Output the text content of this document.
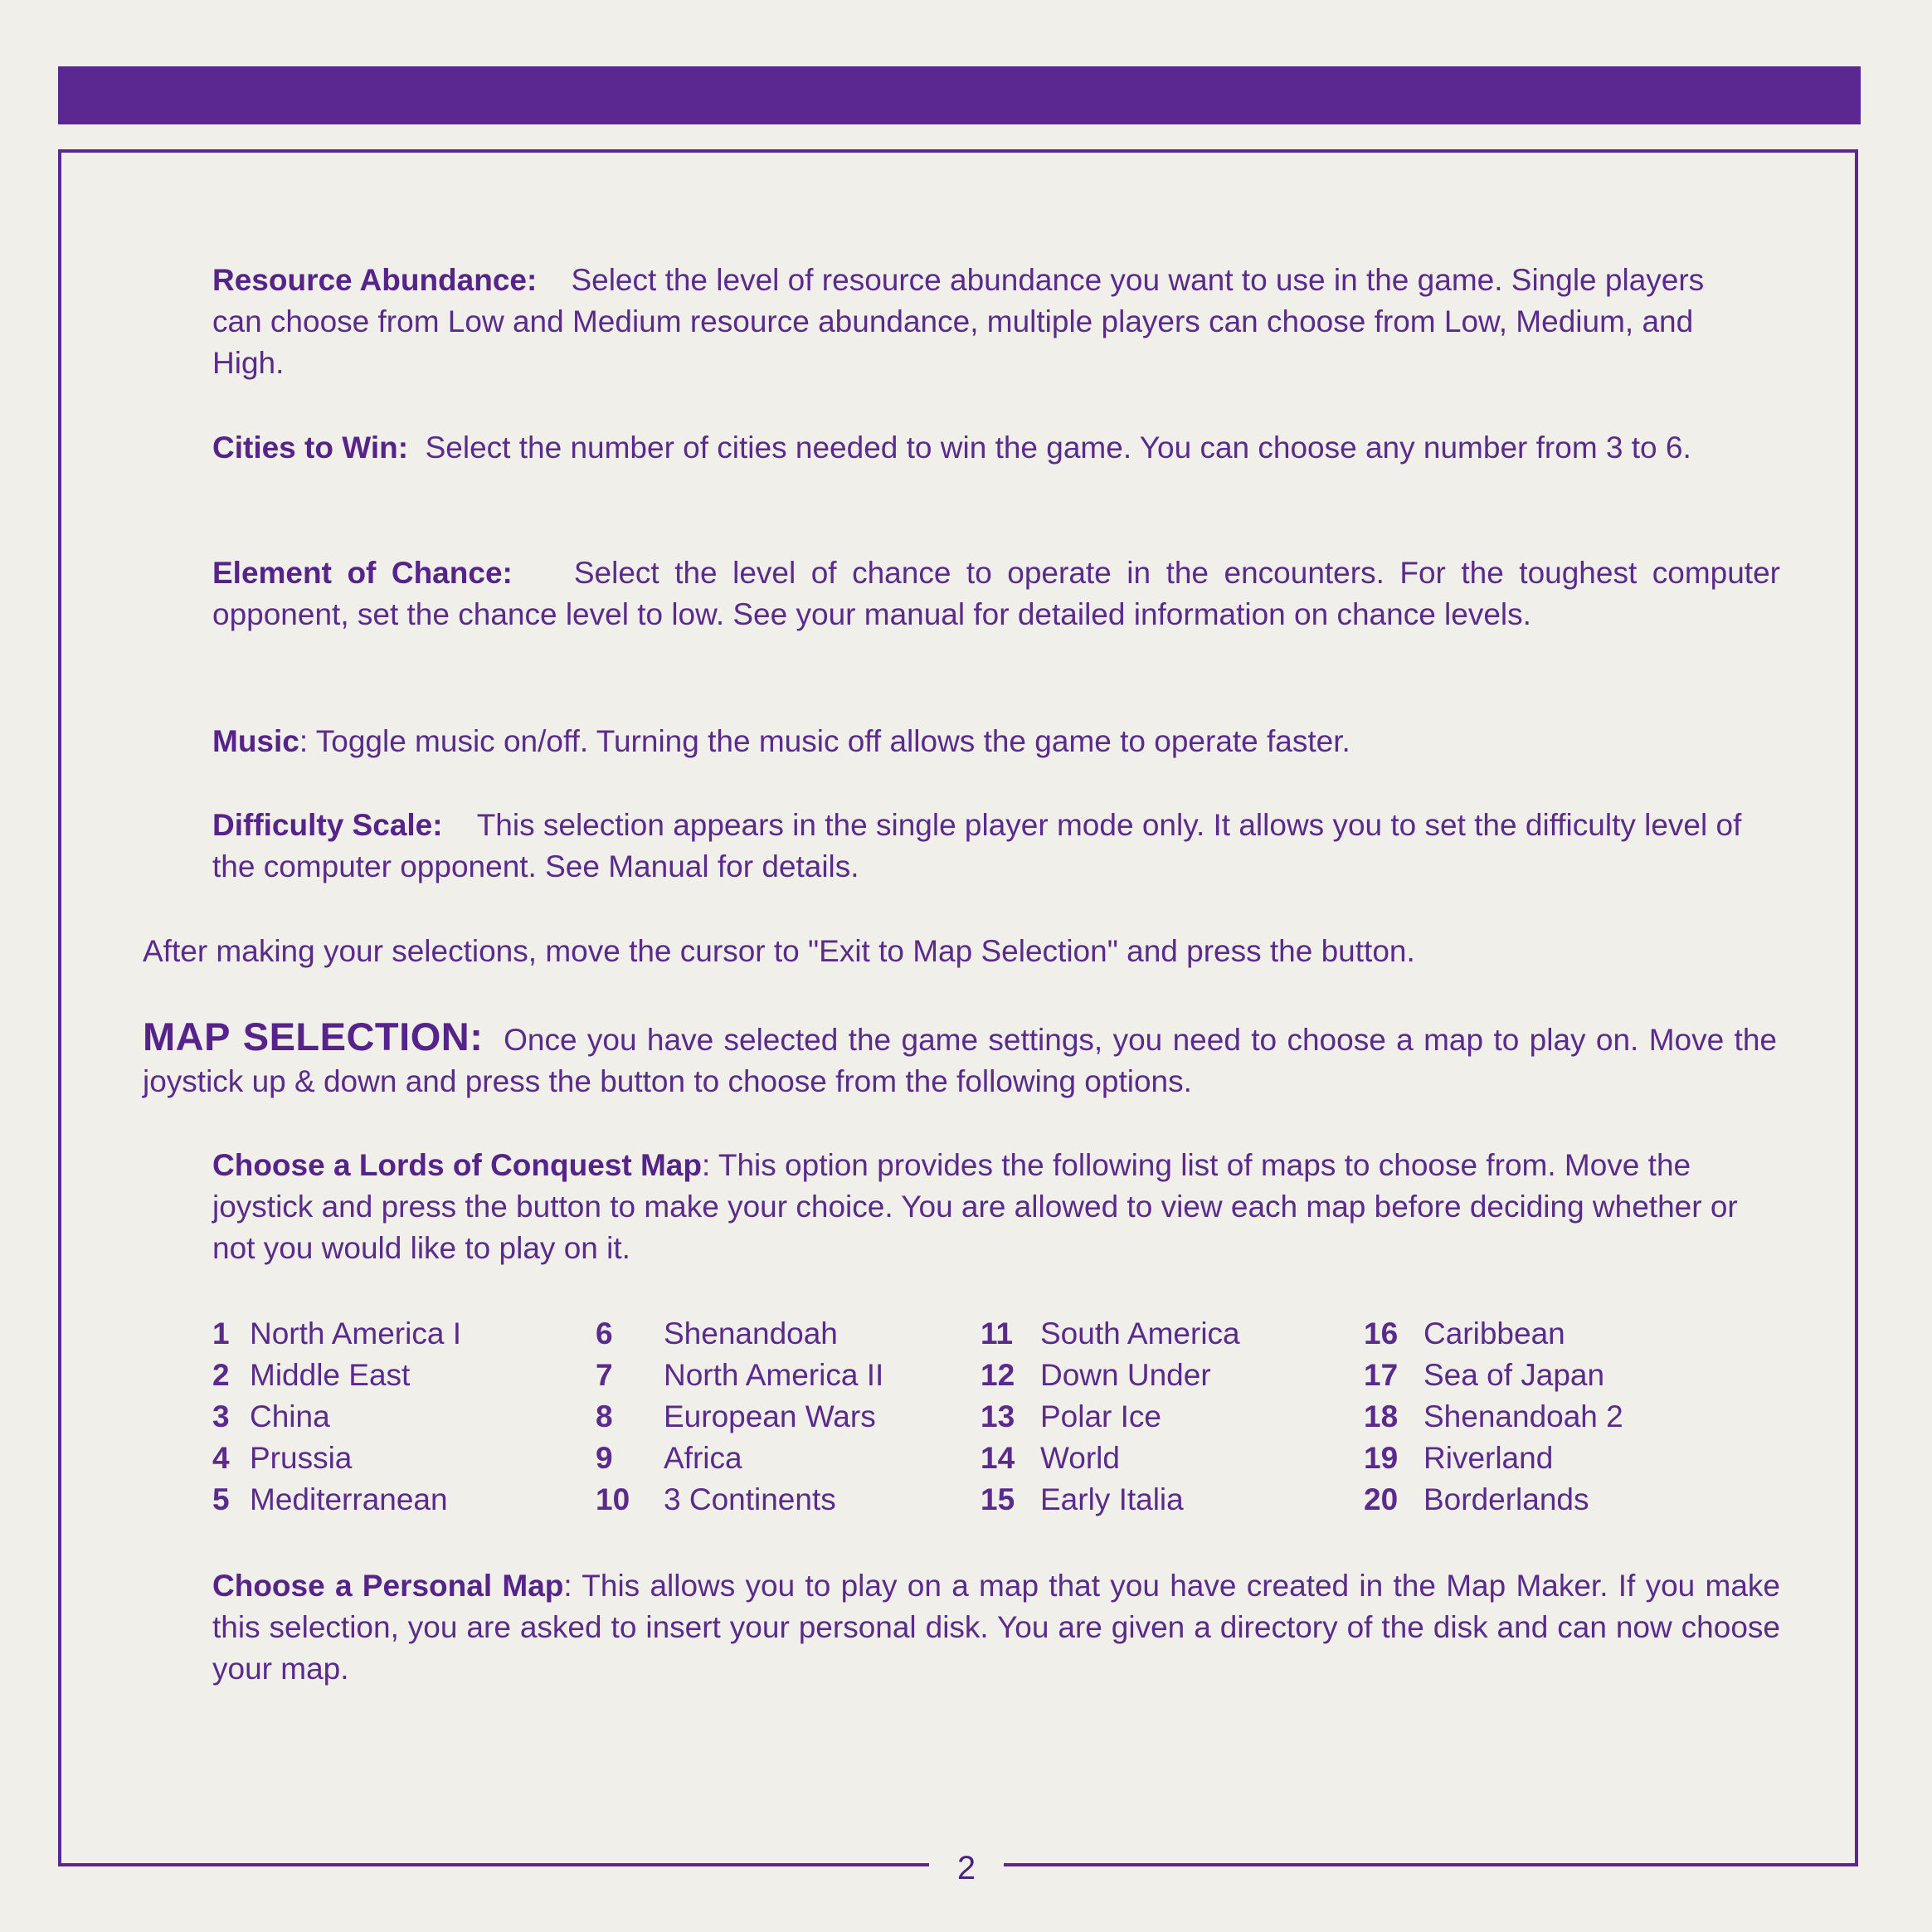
Resource Abundance: Select the level of resource abundance you want to use in the game. Single players can choose from Low and Medium resource abundance, multiple players can choose from Low, Medium, and High.
Cities to Win: Select the number of cities needed to win the game. You can choose any number from 3 to 6.
Element of Chance: Select the level of chance to operate in the encounters. For the toughest computer opponent, set the chance level to low. See your manual for detailed information on chance levels.
Music: Toggle music on/off. Turning the music off allows the game to operate faster.
Difficulty Scale: This selection appears in the single player mode only. It allows you to set the difficulty level of the computer opponent. See Manual for details.
After making your selections, move the cursor to "Exit to Map Selection" and press the button.
MAP SELECTION: Once you have selected the game settings, you need to choose a map to play on. Move the joystick up & down and press the button to choose from the following options.
Choose a Lords of Conquest Map: This option provides the following list of maps to choose from. Move the joystick and press the button to make your choice. You are allowed to view each map before deciding whether or not you would like to play on it.
1 North America I
2 Middle East
3 China
4 Prussia
5 Mediterranean
6	Shenandoah
7	North America II
8	European Wars
9	Africa
10	3 Continents
11 South America
12 Down Under
13 Polar Ice
14 World
15 Early Italia
16 Caribbean
17 Sea of Japan
18 Shenandoah 2
19 Riverland
20 Borderlands
Choose a Personal Map: This allows you to play on a map that you have created in the Map Maker. If you make this selection, you are asked to insert your personal disk. You are given a directory of the disk and can now choose your map.
2
